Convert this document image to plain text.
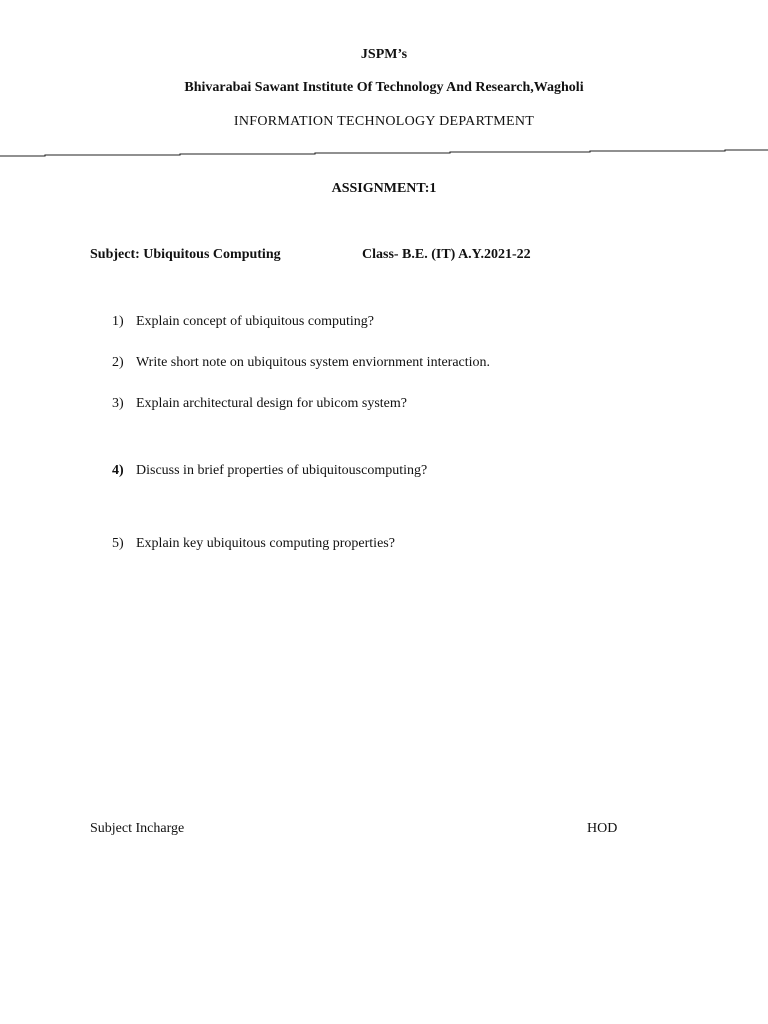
JSPM’s
Bhivarabai Sawant Institute Of Technology And Research,Wagholi
INFORMATION TECHNOLOGY DEPARTMENT
ASSIGNMENT:1
Subject: Ubiquitous Computing	Class- B.E. (IT) A.Y.2021-22
1) Explain concept of ubiquitous computing?
2) Write short note on ubiquitous system enviornment interaction.
3) Explain architectural design for ubicom system?
4) Discuss in brief properties of ubiquitouscomputing?
5) Explain key ubiquitous computing properties?
Subject Incharge	HOD
